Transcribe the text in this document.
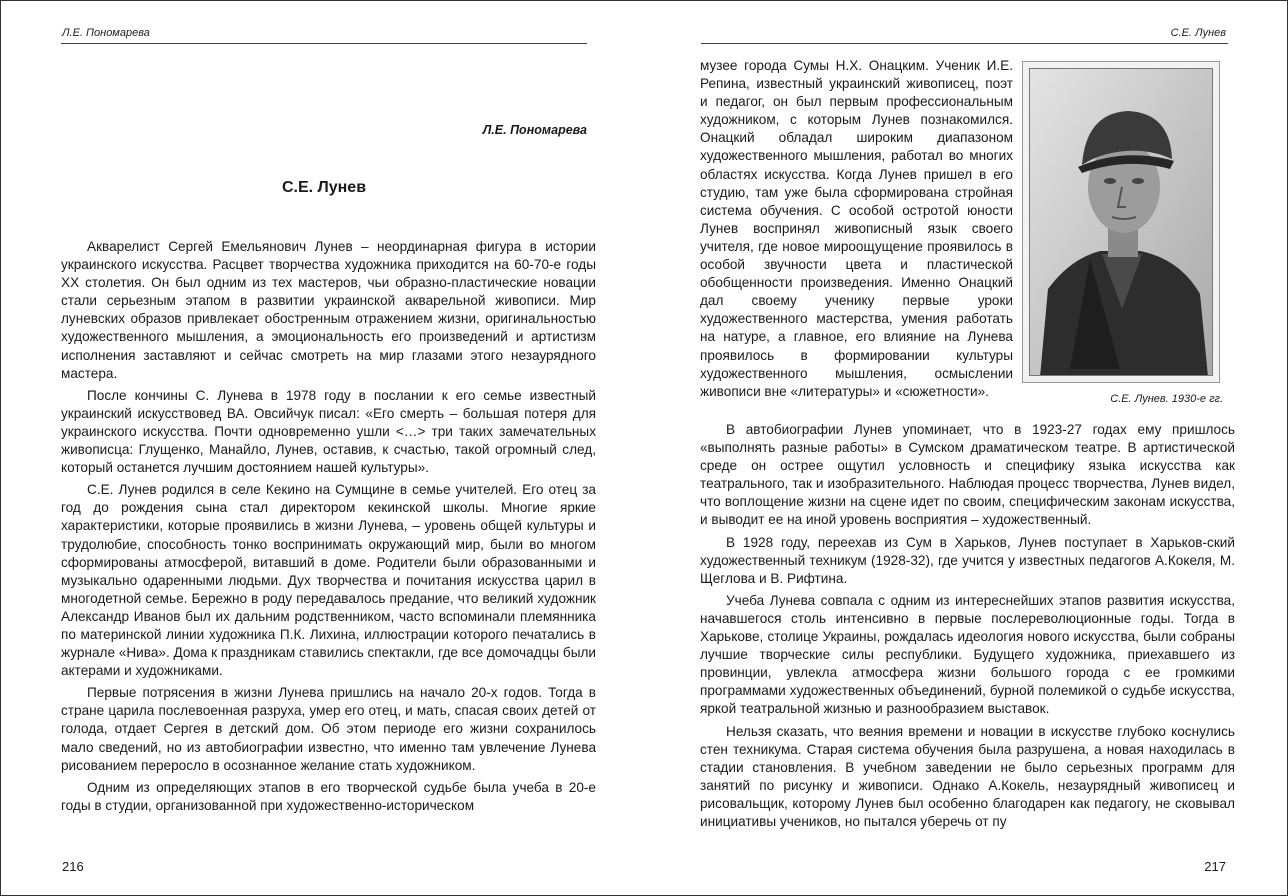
Л.Е. Пономарева
Л.Е. Пономарева
С.Е. Лунев

Акварелист Сергей Емельянович Лунев – неординарная фигура в истории украинского искусства. Расцвет творчества художника приходится на 60-70-е годы ХХ столетия. Он был одним из тех мастеров, чьи образно-пластические новации стали серьезным этапом в развитии украинской акварельной живописи. Мир луневских образов привлекает обостренным отражением жизни, оригинальностью художественного мышления, а эмоциональность его произведений и артистизм исполнения заставляют и сейчас смотреть на мир глазами этого незаурядного мастера.

После кончины С. Лунева в 1978 году в послании к его семье известный украинский искусствовед ВА. Овсийчук писал: «Его смерть – большая потеря для украинского искусства. Почти одновременно ушли <…> три таких замечательных живописца: Глущенко, Манайло, Лунев, оставив, к счастью, такой огромный след, который останется лучшим достоянием нашей культуры».

С.Е. Лунев родился в селе Кекино на Сумщине в семье учителей. Его отец за год до рождения сына стал директором кекинской школы. Многие яркие характеристики, которые проявились в жизни Лунева, – уровень общей культуры и трудолюбие, способность тонко воспринимать окружающий мир, были во многом сформированы атмосферой, витавший в доме. Родители были образованными и музыкально одаренными людьми. Дух творчества и почитания искусства царил в многодетной семье. Бережно в роду передавалось предание, что великий художник Александр Иванов был их дальним родственником, часто вспоминали племянника по материнской линии художника П.К. Лихина, иллюстрации которого печатались в журнале «Нива». Дома к праздникам ставились спектакли, где все домочадцы были актерами и художниками.

Первые потрясения в жизни Лунева пришлись на начало 20-х годов. Тогда в стране царила послевоенная разруха, умер его отец, и мать, спасая своих детей от голода, отдает Сергея в детский дом. Об этом периоде его жизни сохранилось мало сведений, но из автобиографии известно, что именно там увлечение Лунева рисованием переросло в осознанное желание стать художником.

Одним из определяющих этапов в его творческой судьбе была учеба в 20-е годы в студии, организованной при художественно-историческом

216
С.Е. Лунев

музее города Сумы Н.Х. Онацким. Ученик И.Е. Репина, известный украинский живописец, поэт и педагог, он был первым профессиональным художником, с которым Лунев познакомился. Онацкий обладал широким диапазоном художественного мышления, работал во многих областях искусства. Когда Лунев пришел в его студию, там уже была сформирована стройная система обучения. С особой остротой юности Лунев воспринял живописный язык своего учителя, где новое мироощущение проявилось в особой звучности цвета и пластической обобщенности произведения. Именно Онацкий дал своему ученику первые уроки художественного мастерства, умения работать на натуре, а главное, его влияние на Лунева проявилось в формировании культуры художественного мышления, осмыслении живописи вне «литературы» и «сюжетности».

С.Е. Лунев. 1930-е гг.

В автобиографии Лунев упоминает, что в 1923-27 годах ему пришлось «выполнять разные работы» в Сумском драматическом театре. В артистической среде он острее ощутил условность и специфику языка искусства как театрального, так и изобразительного. Наблюдая процесс творчества, Лунев видел, что воплощение жизни на сцене идет по своим, специфическим законам искусства, и выводит ее на иной уровень восприятия – художественный.

В 1928 году, переехав из Сум в Харьков, Лунев поступает в Харьков-ский художественный техникум (1928-32), где учится у известных педагогов А.Кокеля, М. Щеглова и В. Рифтина.

Учеба Лунева совпала с одним из интереснейших этапов развития искусства, начавшегося столь интенсивно в первые послереволюционные годы. Тогда в Харькове, столице Украины, рождалась идеология нового искусства, были собраны лучшие творческие силы республики. Будущего художника, приехавшего из провинции, увлекла атмосфера жизни большого города с ее громкими программами художественных объединений, бурной полемикой о судьбе искусства, яркой театральной жизнью и разнообразием выставок.

Нельзя сказать, что веяния времени и новации в искусстве глубоко коснулись стен техникума. Старая система обучения была разрушена, а новая находилась в стадии становления. В учебном заведении не было серьезных программ для занятий по рисунку и живописи. Однако А.Кокель, незаурядный живописец и рисовальщик, которому Лунев был особенно благодарен как педагогу, не сковывал инициативы учеников, но пытался уберечь от пу

217
